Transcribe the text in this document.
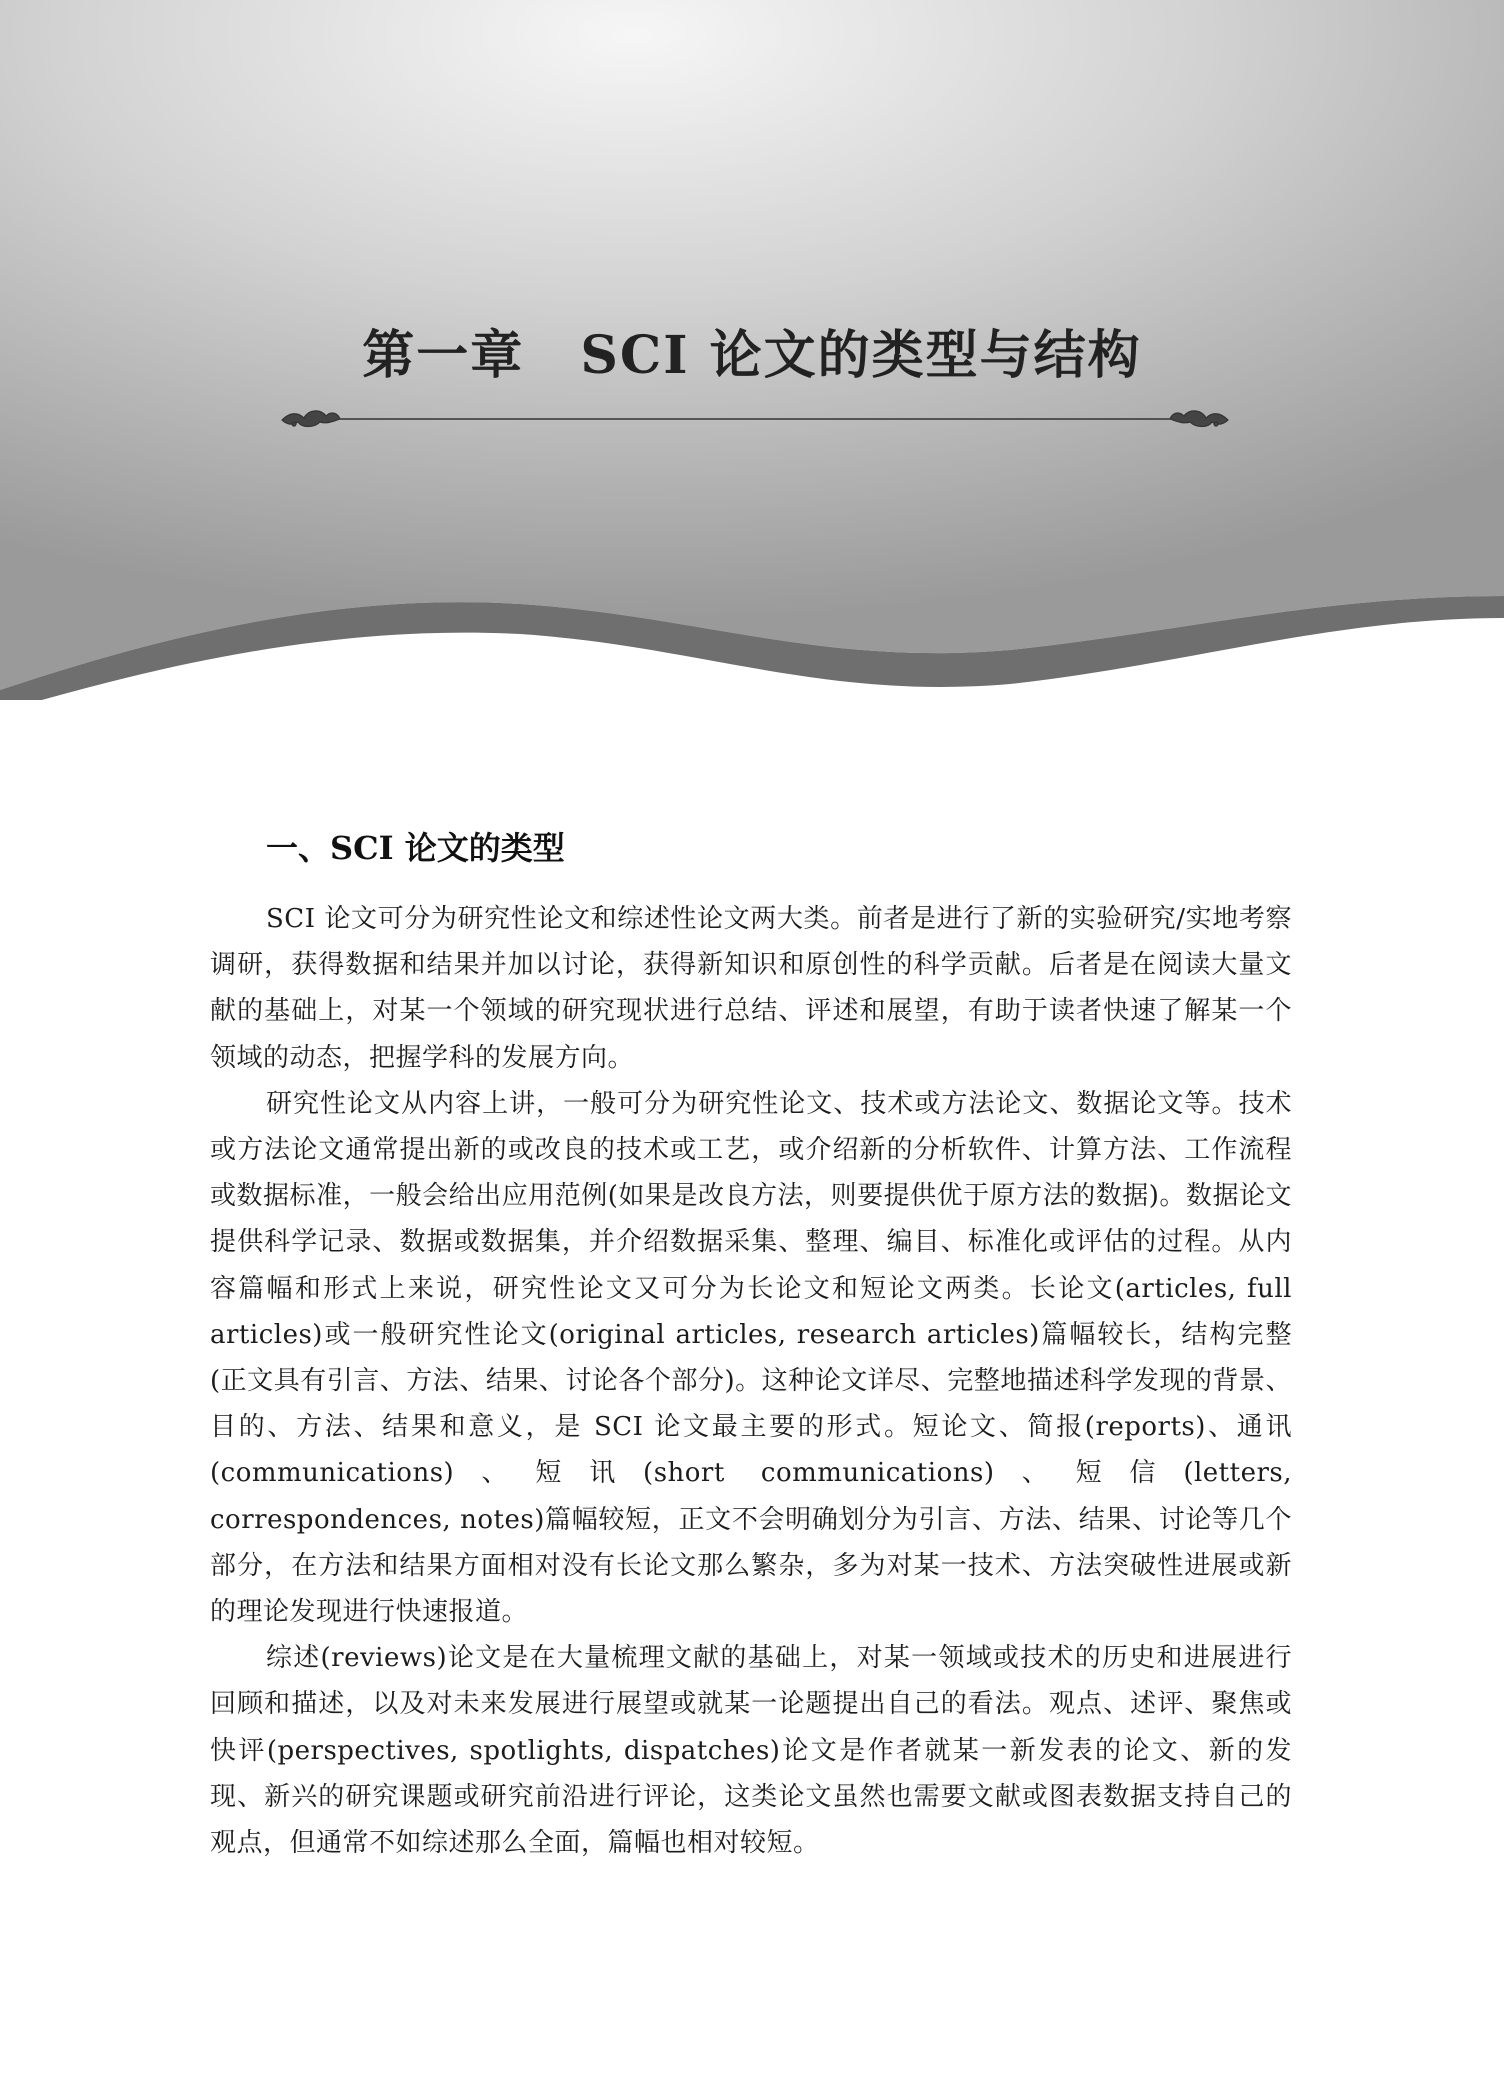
第一章 SCI 论文的类型与结构
一、SCI 论文的类型

SCI 论文可分为研究性论文和综述性论文两大类。前者是进行了新的实验研究/实地考察调研，获得数据和结果并加以讨论，获得新知识和原创性的科学贡献。后者是在阅读大量文献的基础上，对某一个领域的研究现状进行总结、评述和展望，有助于读者快速了解某一个领域的动态，把握学科的发展方向。

研究性论文从内容上讲，一般可分为研究性论文、技术或方法论文、数据论文等。技术或方法论文通常提出新的或改良的技术或工艺，或介绍新的分析软件、计算方法、工作流程或数据标准，一般会给出应用范例(如果是改良方法，则要提供优于原方法的数据)。数据论文提供科学记录、数据或数据集，并介绍数据采集、整理、编目、标准化或评估的过程。从内容篇幅和形式上来说，研究性论文又可分为长论文和短论文两类。长论文(articles, full articles)或一般研究性论文(original articles, research articles)篇幅较长，结构完整(正文具有引言、方法、结果、讨论各个部分)。这种论文详尽、完整地描述科学发现的背景、目的、方法、结果和意义，是 SCI 论文最主要的形式。短论文、简报(reports)、通讯(communications)、短讯(short communications)、短信(letters, correspondences, notes)篇幅较短，正文不会明确划分为引言、方法、结果、讨论等几个部分，在方法和结果方面相对没有长论文那么繁杂，多为对某一技术、方法突破性进展或新的理论发现进行快速报道。

综述(reviews)论文是在大量梳理文献的基础上，对某一领域或技术的历史和进展进行回顾和描述，以及对未来发展进行展望或就某一论题提出自己的看法。观点、述评、聚焦或快评(perspectives, spotlights, dispatches)论文是作者就某一新发表的论文、新的发现、新兴的研究课题或研究前沿进行评论，这类论文虽然也需要文献或图表数据支持自己的观点，但通常不如综述那么全面，篇幅也相对较短。
